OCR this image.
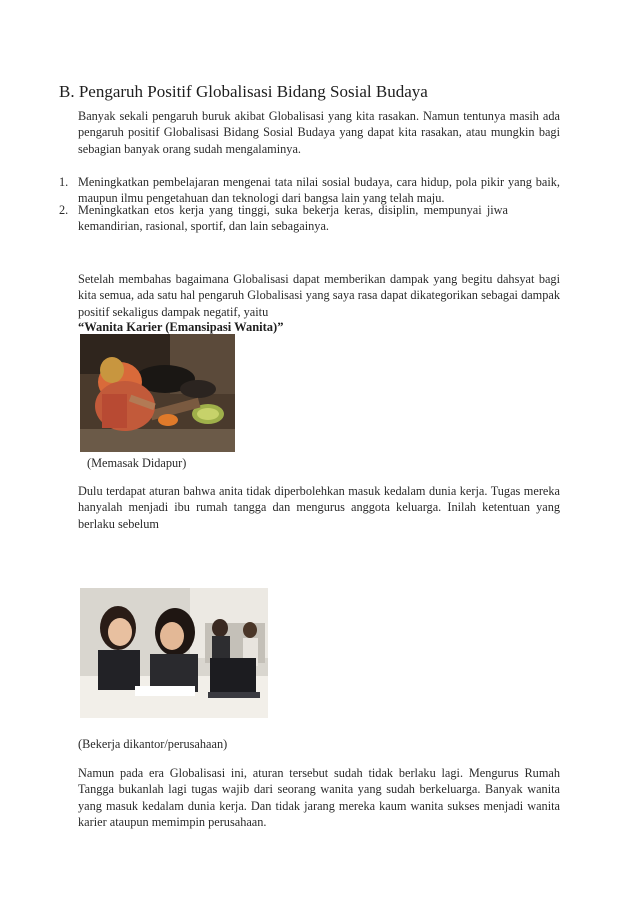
B. Pengaruh Positif Globalisasi Bidang Sosial Budaya
Banyak sekali pengaruh buruk akibat Globalisasi yang kita rasakan. Namun tentunya masih ada pengaruh positif Globalisasi Bidang Sosial Budaya yang dapat kita rasakan, atau mungkin bagi sebagian banyak orang sudah mengalaminya.
1. Meningkatkan pembelajaran mengenai tata nilai sosial budaya, cara hidup, pola pikir yang baik, maupun ilmu pengetahuan dan teknologi dari bangsa lain yang telah maju.
2. Meningkatkan etos kerja yang tinggi, suka bekerja keras, disiplin, mempunyai jiwa kemandirian, rasional, sportif, dan lain sebagainya.
Setelah membahas bagaimana Globalisasi dapat memberikan dampak yang begitu dahsyat bagi kita semua, ada satu hal pengaruh Globalisasi yang saya rasa dapat dikategorikan sebagai dampak positif sekaligus dampak negatif, yaitu
“Wanita Karier (Emansipasi Wanita)”
(Memasak Didapur)
Dulu terdapat aturan bahwa anita tidak diperbolehkan masuk kedalam dunia kerja. Tugas mereka hanyalah menjadi ibu rumah tangga dan mengurus anggota keluarga. Inilah ketentuan yang berlaku sebelum
(Bekerja dikantor/perusahaan)
Namun pada era Globalisasi ini, aturan tersebut sudah tidak berlaku lagi. Mengurus Rumah Tangga bukanlah lagi tugas wajib dari seorang wanita yang sudah berkeluarga. Banyak wanita yang masuk kedalam dunia kerja. Dan tidak jarang mereka kaum wanita sukses menjadi wanita karier ataupun memimpin perusahaan.
